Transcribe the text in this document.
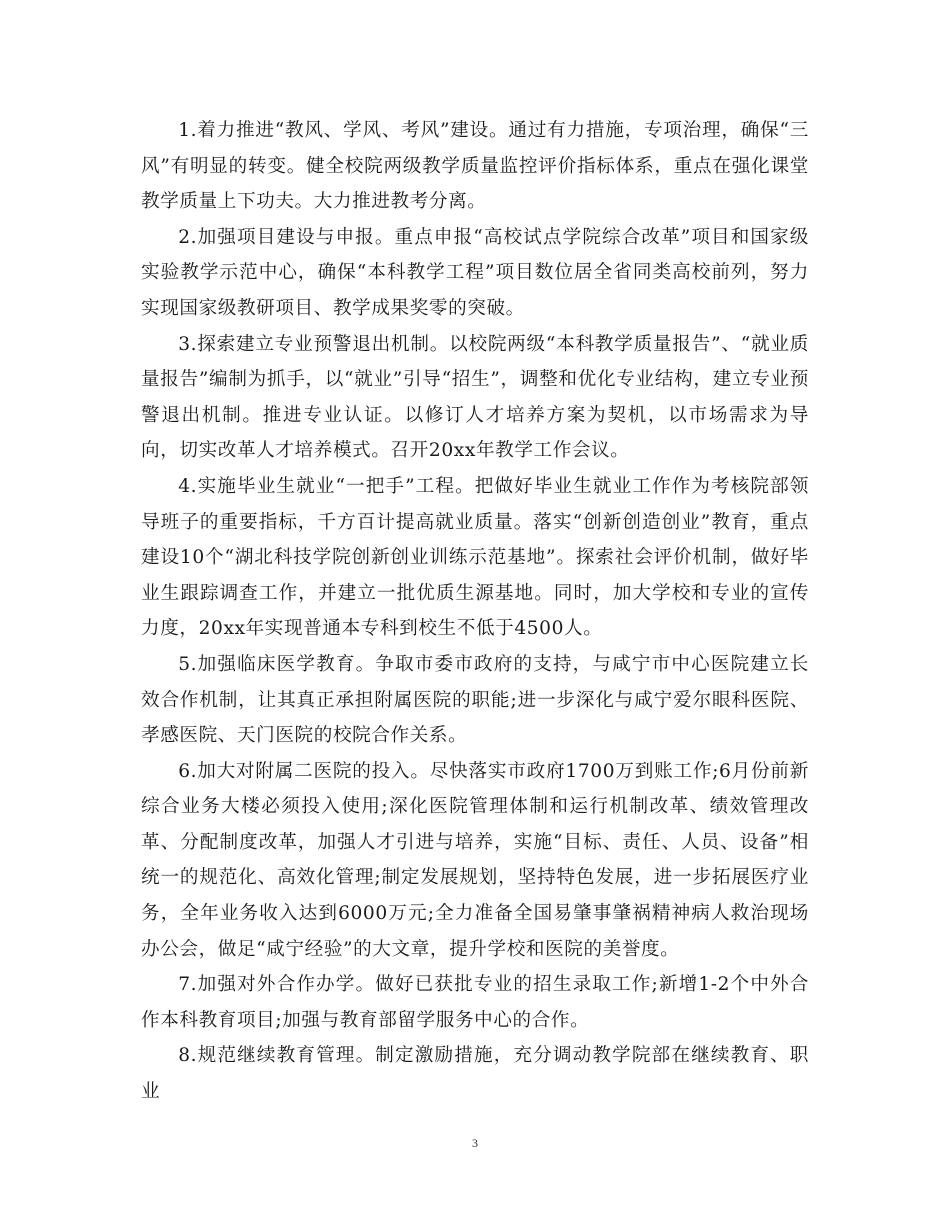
1.着力推进“教风、学风、考风”建设。通过有力措施，专项治理，确保“三风”有明显的转变。健全校院两级教学质量监控评价指标体系，重点在强化课堂教学质量上下功夫。大力推进教考分离。

2.加强项目建设与申报。重点申报“高校试点学院综合改革”项目和国家级实验教学示范中心，确保“本科教学工程”项目数位居全省同类高校前列，努力实现国家级教研项目、教学成果奖零的突破。

3.探索建立专业预警退出机制。以校院两级“本科教学质量报告”、“就业质量报告”编制为抓手，以“就业”引导“招生”，调整和优化专业结构，建立专业预警退出机制。推进专业认证。以修订人才培养方案为契机，以市场需求为导向，切实改革人才培养模式。召开20xx年教学工作会议。

4.实施毕业生就业“一把手”工程。把做好毕业生就业工作作为考核院部领导班子的重要指标，千方百计提高就业质量。落实“创新创造创业”教育，重点建设10个“湖北科技学院创新创业训练示范基地”。探索社会评价机制，做好毕业生跟踪调查工作，并建立一批优质生源基地。同时，加大学校和专业的宣传力度，20xx年实现普通本专科到校生不低于4500人。

5.加强临床医学教育。争取市委市政府的支持，与咸宁市中心医院建立长效合作机制，让其真正承担附属医院的职能;进一步深化与咸宁爱尔眼科医院、孝感医院、天门医院的校院合作关系。

6.加大对附属二医院的投入。尽快落实市政府1700万到账工作;6月份前新综合业务大楼必须投入使用;深化医院管理体制和运行机制改革、绩效管理改革、分配制度改革，加强人才引进与培养，实施“目标、责任、人员、设备”相统一的规范化、高效化管理;制定发展规划，坚持特色发展，进一步拓展医疗业务，全年业务收入达到6000万元;全力准备全国易肇事肇祸精神病人救治现场办公会，做足“咸宁经验”的大文章，提升学校和医院的美誉度。

7.加强对外合作办学。做好已获批专业的招生录取工作;新增1-2个中外合作本科教育项目;加强与教育部留学服务中心的合作。

8.规范继续教育管理。制定激励措施，充分调动教学院部在继续教育、职业

3
